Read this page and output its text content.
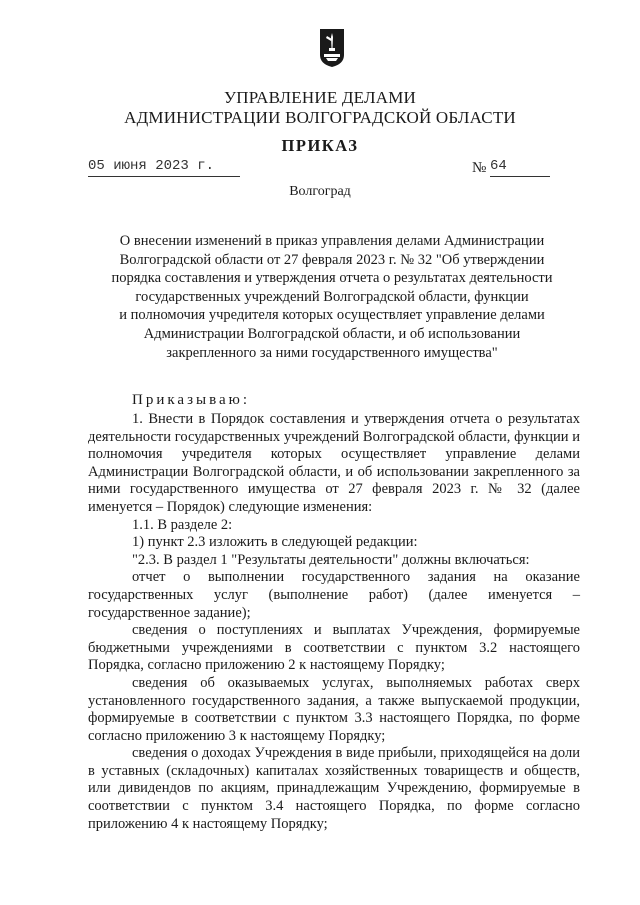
УПРАВЛЕНИЕ ДЕЛАМИ
АДМИНИСТРАЦИИ ВОЛГОГРАДСКОЙ ОБЛАСТИ
ПРИКАЗ
05 июня 2023 г.	№ 64
Волгоград
О внесении изменений в приказ управления делами Администрации
Волгоградской области от 27 февраля 2023 г. № 32 "Об утверждении
порядка составления и утверждения отчета о результатах деятельности
государственных учреждений Волгоградской области, функции
и полномочия учредителя которых осуществляет управление делами
Администрации Волгоградской области, и об использовании
закрепленного за ними государственного имущества"
Приказываю:
1. Внести в Порядок составления и утверждения отчета о результатах деятельности государственных учреждений Волгоградской области, функции и полномочия учредителя которых осуществляет управление делами Администрации Волгоградской области, и об использовании закрепленного за ними государственного имущества от 27 февраля 2023 г. № 32 (далее именуется – Порядок) следующие изменения:
1.1. В разделе 2:
1) пункт 2.3 изложить в следующей редакции:
"2.3. В раздел 1 "Результаты деятельности" должны включаться:
отчет о выполнении государственного задания на оказание государственных услуг (выполнение работ) (далее именуется – государственное задание);
сведения о поступлениях и выплатах Учреждения, формируемые бюджетными учреждениями в соответствии с пунктом 3.2 настоящего Порядка, согласно приложению 2 к настоящему Порядку;
сведения об оказываемых услугах, выполняемых работах сверх установленного государственного задания, а также выпускаемой продукции, формируемые в соответствии с пунктом 3.3 настоящего Порядка, по форме согласно приложению 3 к настоящему Порядку;
сведения о доходах Учреждения в виде прибыли, приходящейся на доли в уставных (складочных) капиталах хозяйственных товариществ и обществ, или дивидендов по акциям, принадлежащим Учреждению, формируемые в соответствии с пунктом 3.4 настоящего Порядка, по форме согласно приложению 4 к настоящему Порядку;
